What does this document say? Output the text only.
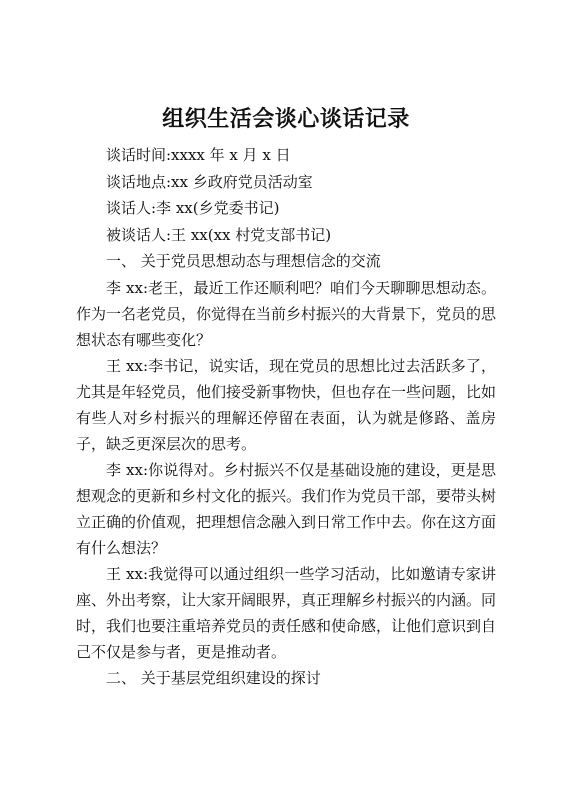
组织生活会谈心谈话记录
谈话时间:xxxx 年 x 月 x 日
谈话地点:xx 乡政府党员活动室
谈话人:李 xx(乡党委书记)
被谈话人:王 xx(xx 村党支部书记)
一、 关于党员思想动态与理想信念的交流

李 xx:老王，最近工作还顺利吧？咱们今天聊聊思想动态。作为一名老党员，你觉得在当前乡村振兴的大背景下，党员的思想状态有哪些变化？

王 xx:李书记，说实话，现在党员的思想比过去活跃多了，尤其是年轻党员，他们接受新事物快，但也存在一些问题，比如有些人对乡村振兴的理解还停留在表面，认为就是修路、盖房子，缺乏更深层次的思考。

李 xx:你说得对。乡村振兴不仅是基础设施的建设，更是思想观念的更新和乡村文化的振兴。我们作为党员干部，要带头树立正确的价值观，把理想信念融入到日常工作中去。你在这方面有什么想法？

王 xx:我觉得可以通过组织一些学习活动，比如邀请专家讲座、外出考察，让大家开阔眼界，真正理解乡村振兴的内涵。同时，我们也要注重培养党员的责任感和使命感，让他们意识到自己不仅是参与者，更是推动者。

二、 关于基层党组织建设的探讨
